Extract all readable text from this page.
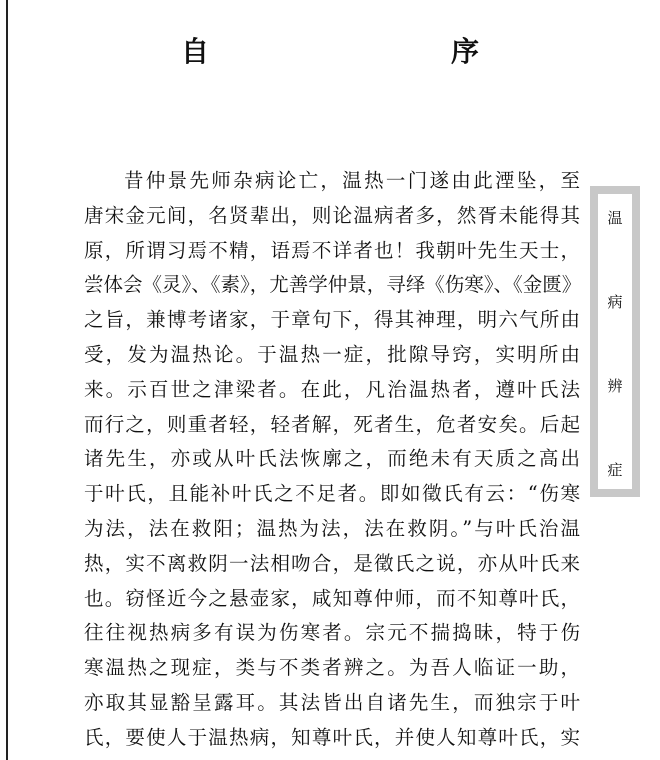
自　　序
昔仲景先师杂病论亡，温热一门遂由此湮坠，至
唐宋金元间，名贤辈出，则论温病者多，然胥未能得其
原，所谓习焉不精，语焉不详者也！我朝叶先生天士，
尝体会《灵》、《素》，尤善学仲景，寻绎《伤寒》、《金匮》
之旨，兼博考诸家，于章句下，得其神理，明六气所由
受，发为温热论。于温热一症，批隙导窍，实明所由
来。示百世之津梁者。在此，凡治温热者，遵叶氏法
而行之，则重者轻，轻者解，死者生，危者安矣。后起
诸先生，亦或从叶氏法恢廓之，而绝未有天质之高出
于叶氏，且能补叶氏之不足者。即如徵氏有云：“伤寒
为法，法在救阳；温热为法，法在救阴。”与叶氏治温
热，实不离救阴一法相吻合，是徵氏之说，亦从叶氏来
也。窃怪近今之悬壶家，咸知尊仲师，而不知尊叶氏，
往往视热病多有误为伤寒者。宗元不揣捣昧，特于伤
寒温热之现症，类与不类者辨之。为吾人临证一助，
亦取其显豁呈露耳。其法皆出自诸先生，而独宗于叶
氏，要使人于温热病，知尊叶氏，并使人知尊叶氏，实
温
病
辨
症
